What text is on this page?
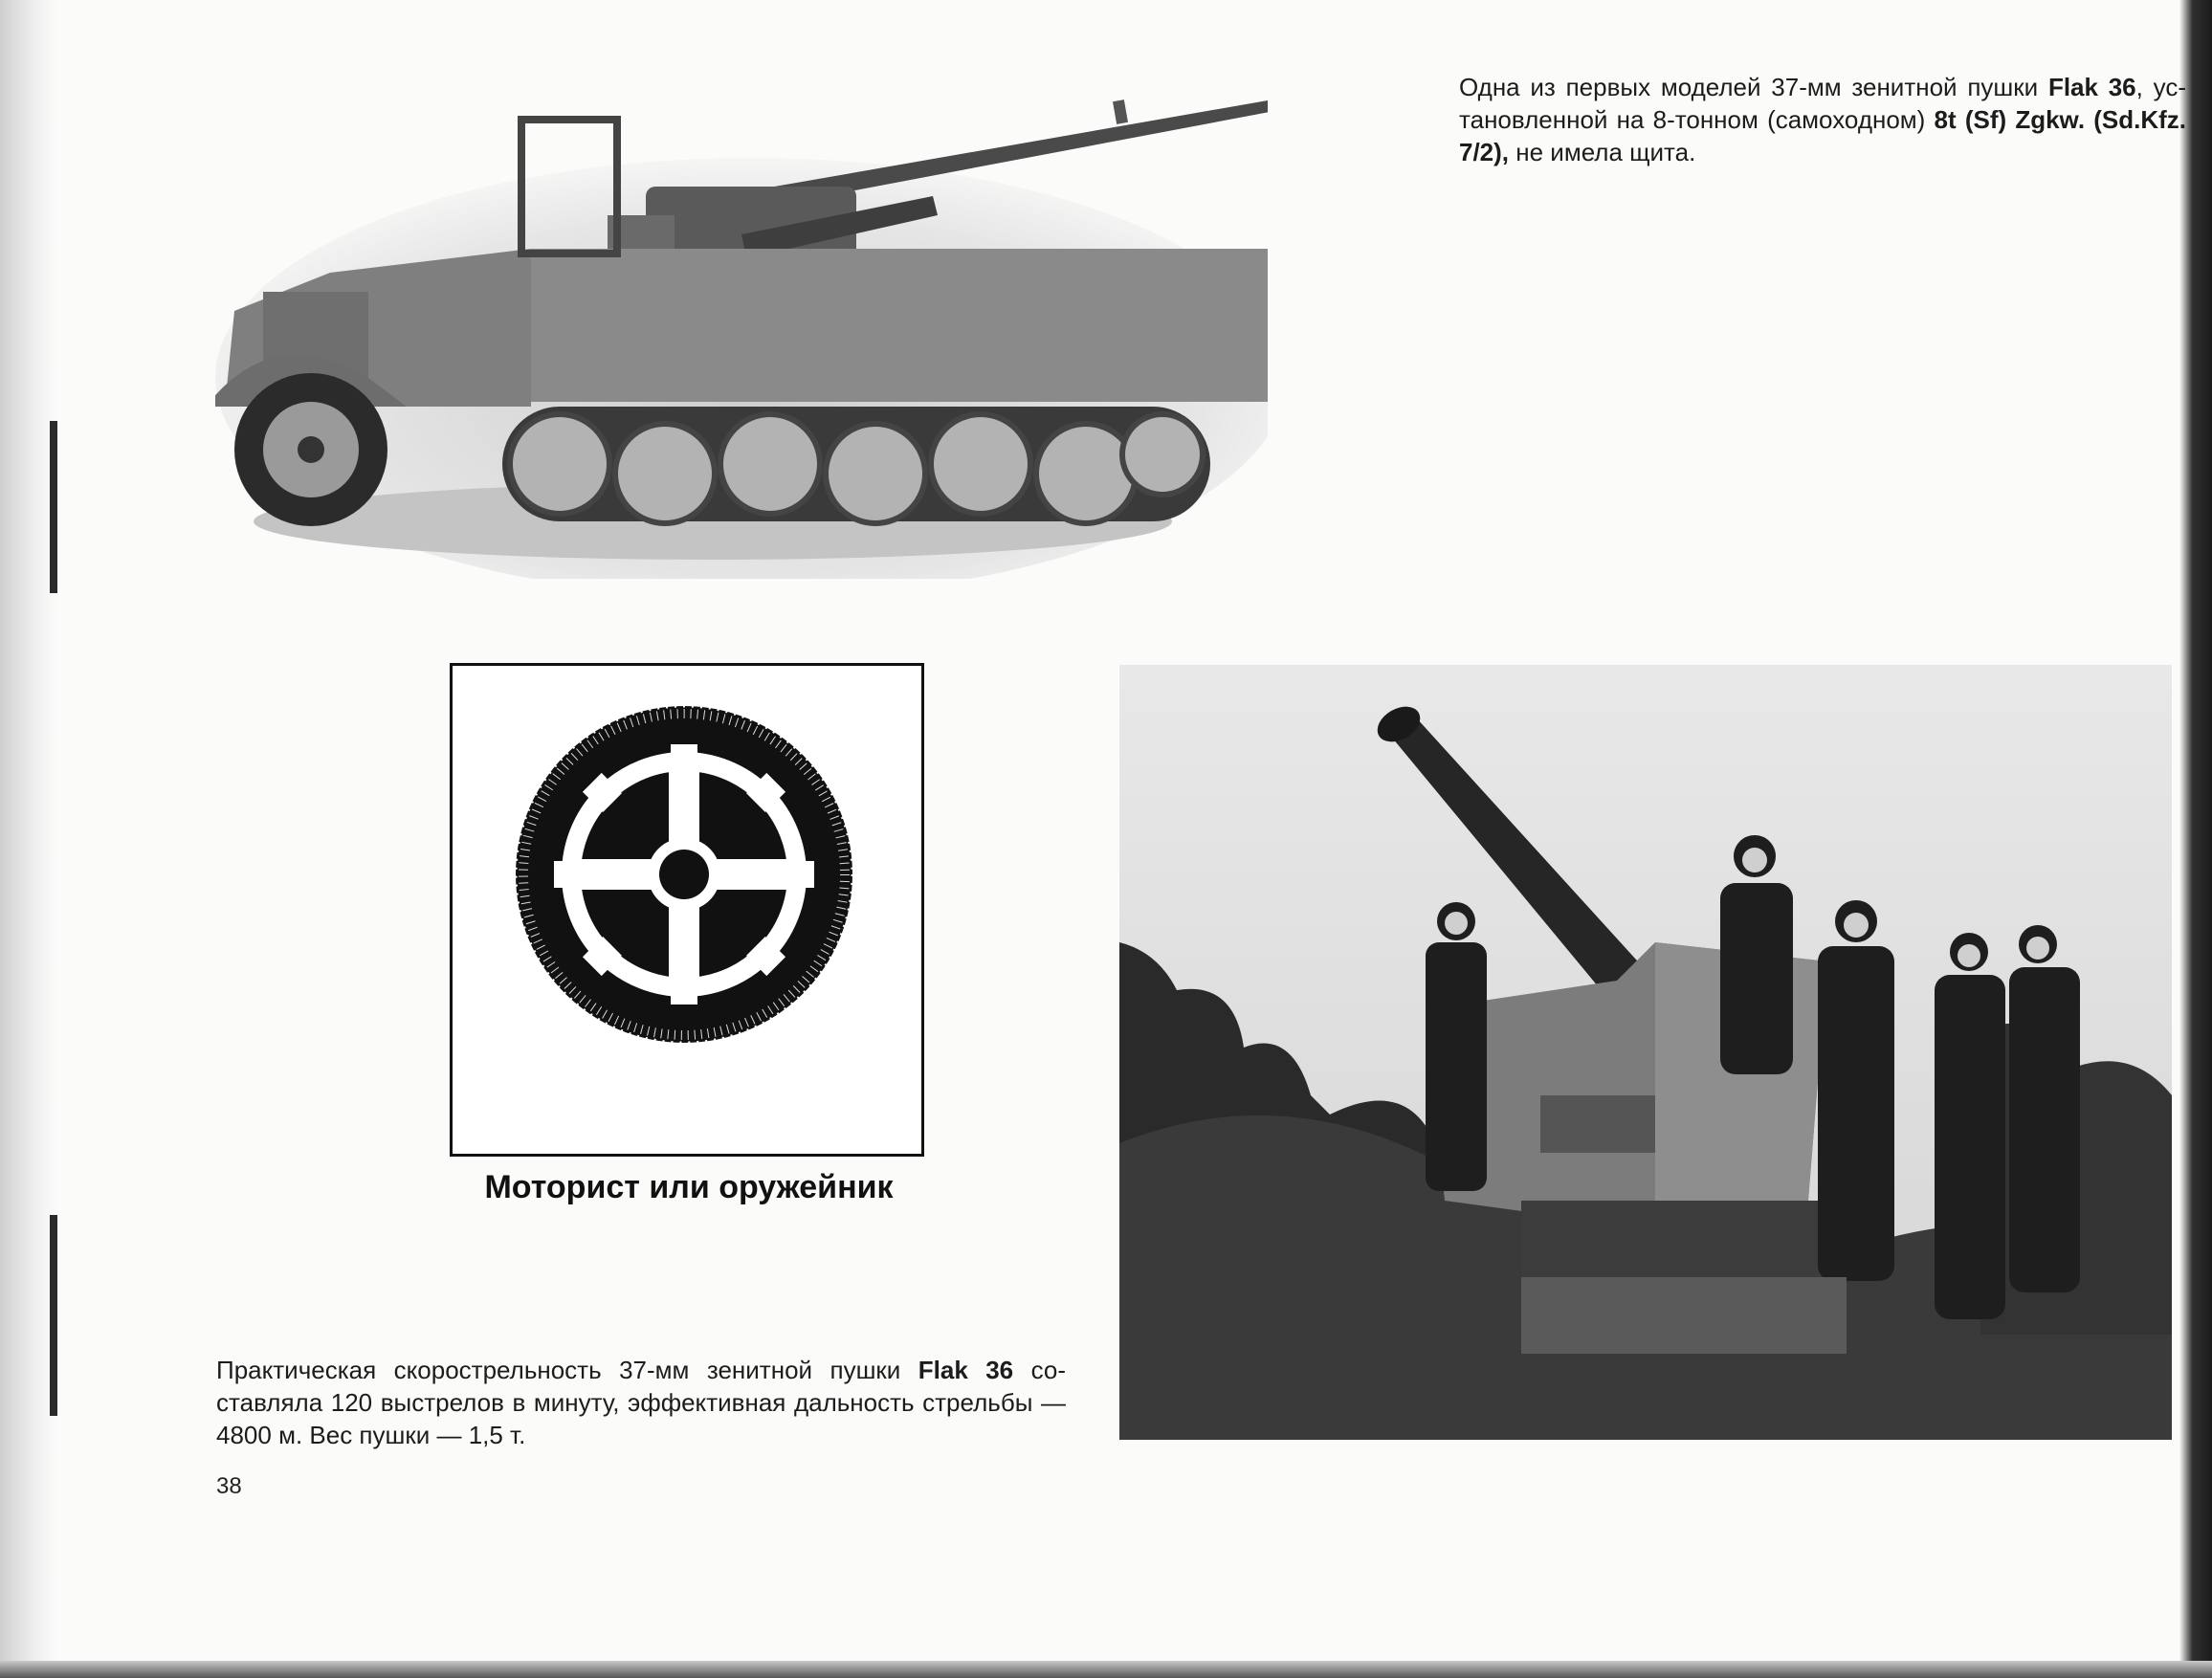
Одна из первых моделей 37-мм зенитной пушки Flak 36, ус-тановленной на 8-тонном (самоходном) 8t (Sf) Zgkw. (Sd.Kfz. 7/2), не имела щита.
Моторист или оружейник
Практическая скорострельность 37-мм зенитной пушки Flak 36 со-ставляла 120 выстрелов в минуту, эффективная дальность стрельбы — 4800 м. Вес пушки — 1,5 т.
38
